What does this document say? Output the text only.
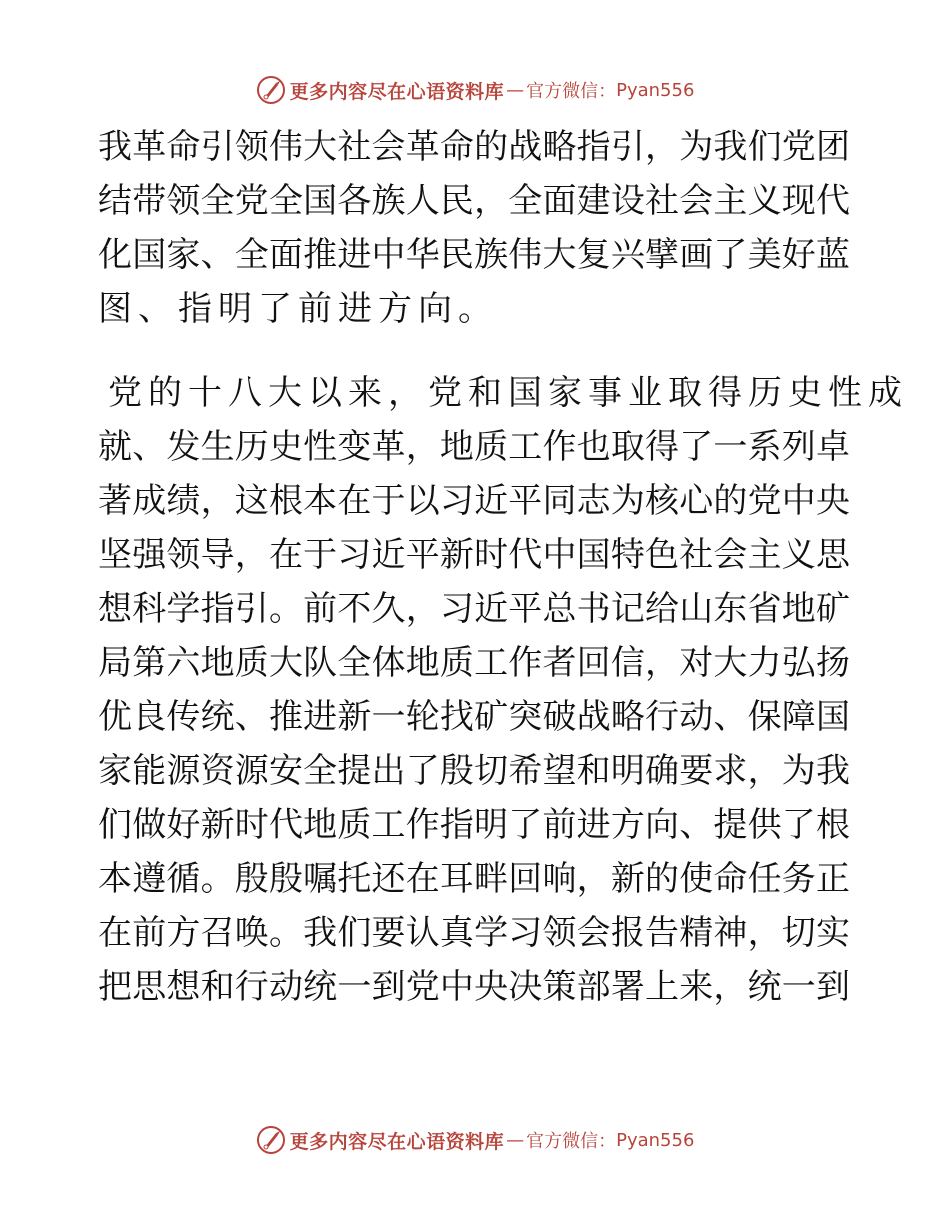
更多内容尽在心语资料库 — 官方微信： Pyan556
我 革 命 引 领 伟 大 社 会 革 命 的 战 略 指 引 ， 为 我 们 党 团
结 带 领 全 党 全 国 各 族 人 民 ， 全 面 建 设 社 会 主 义 现 代
化 国 家 、 全 面 推 进 中 华 民 族 伟 大 复 兴 擘 画 了 美 好 蓝
图、指明了前进方向。
党的十八大以来，党和国家事业取得历史性成
就 、 发 生 历 史 性 变 革 ， 地 质 工 作 也 取 得 了 一 系 列 卓
著 成 绩 ， 这 根 本 在 于 以 习 近 平 同 志 为 核 心 的 党 中 央
坚 强 领 导 ， 在 于 习 近 平 新 时 代 中 国 特 色 社 会 主 义 思
想 科 学 指 引 。 前 不 久 ， 习 近 平 总 书 记 给 山 东 省 地 矿
局 第 六 地 质 大 队 全 体 地 质 工 作 者 回 信 ， 对 大 力 弘 扬
优 良 传 统 、 推 进 新 一 轮 找 矿 突 破 战 略 行 动 、 保 障 国
家 能 源 资 源 安 全 提 出 了 殷 切 希 望 和 明 确 要 求 ， 为 我
们 做 好 新 时 代 地 质 工 作 指 明 了 前 进 方 向 、 提 供 了 根
本 遵 循 。 殷 殷 嘱 托 还 在 耳 畔 回 响 ， 新 的 使 命 任 务 正
在 前 方 召 唤 。 我 们 要 认 真 学 习 领 会 报 告 精 神 ， 切 实
把 思 想 和 行 动 统 一 到 党 中 央 决 策 部 署 上 来 ， 统 一 到
更多内容尽在心语资料库 — 官方微信： Pyan556
